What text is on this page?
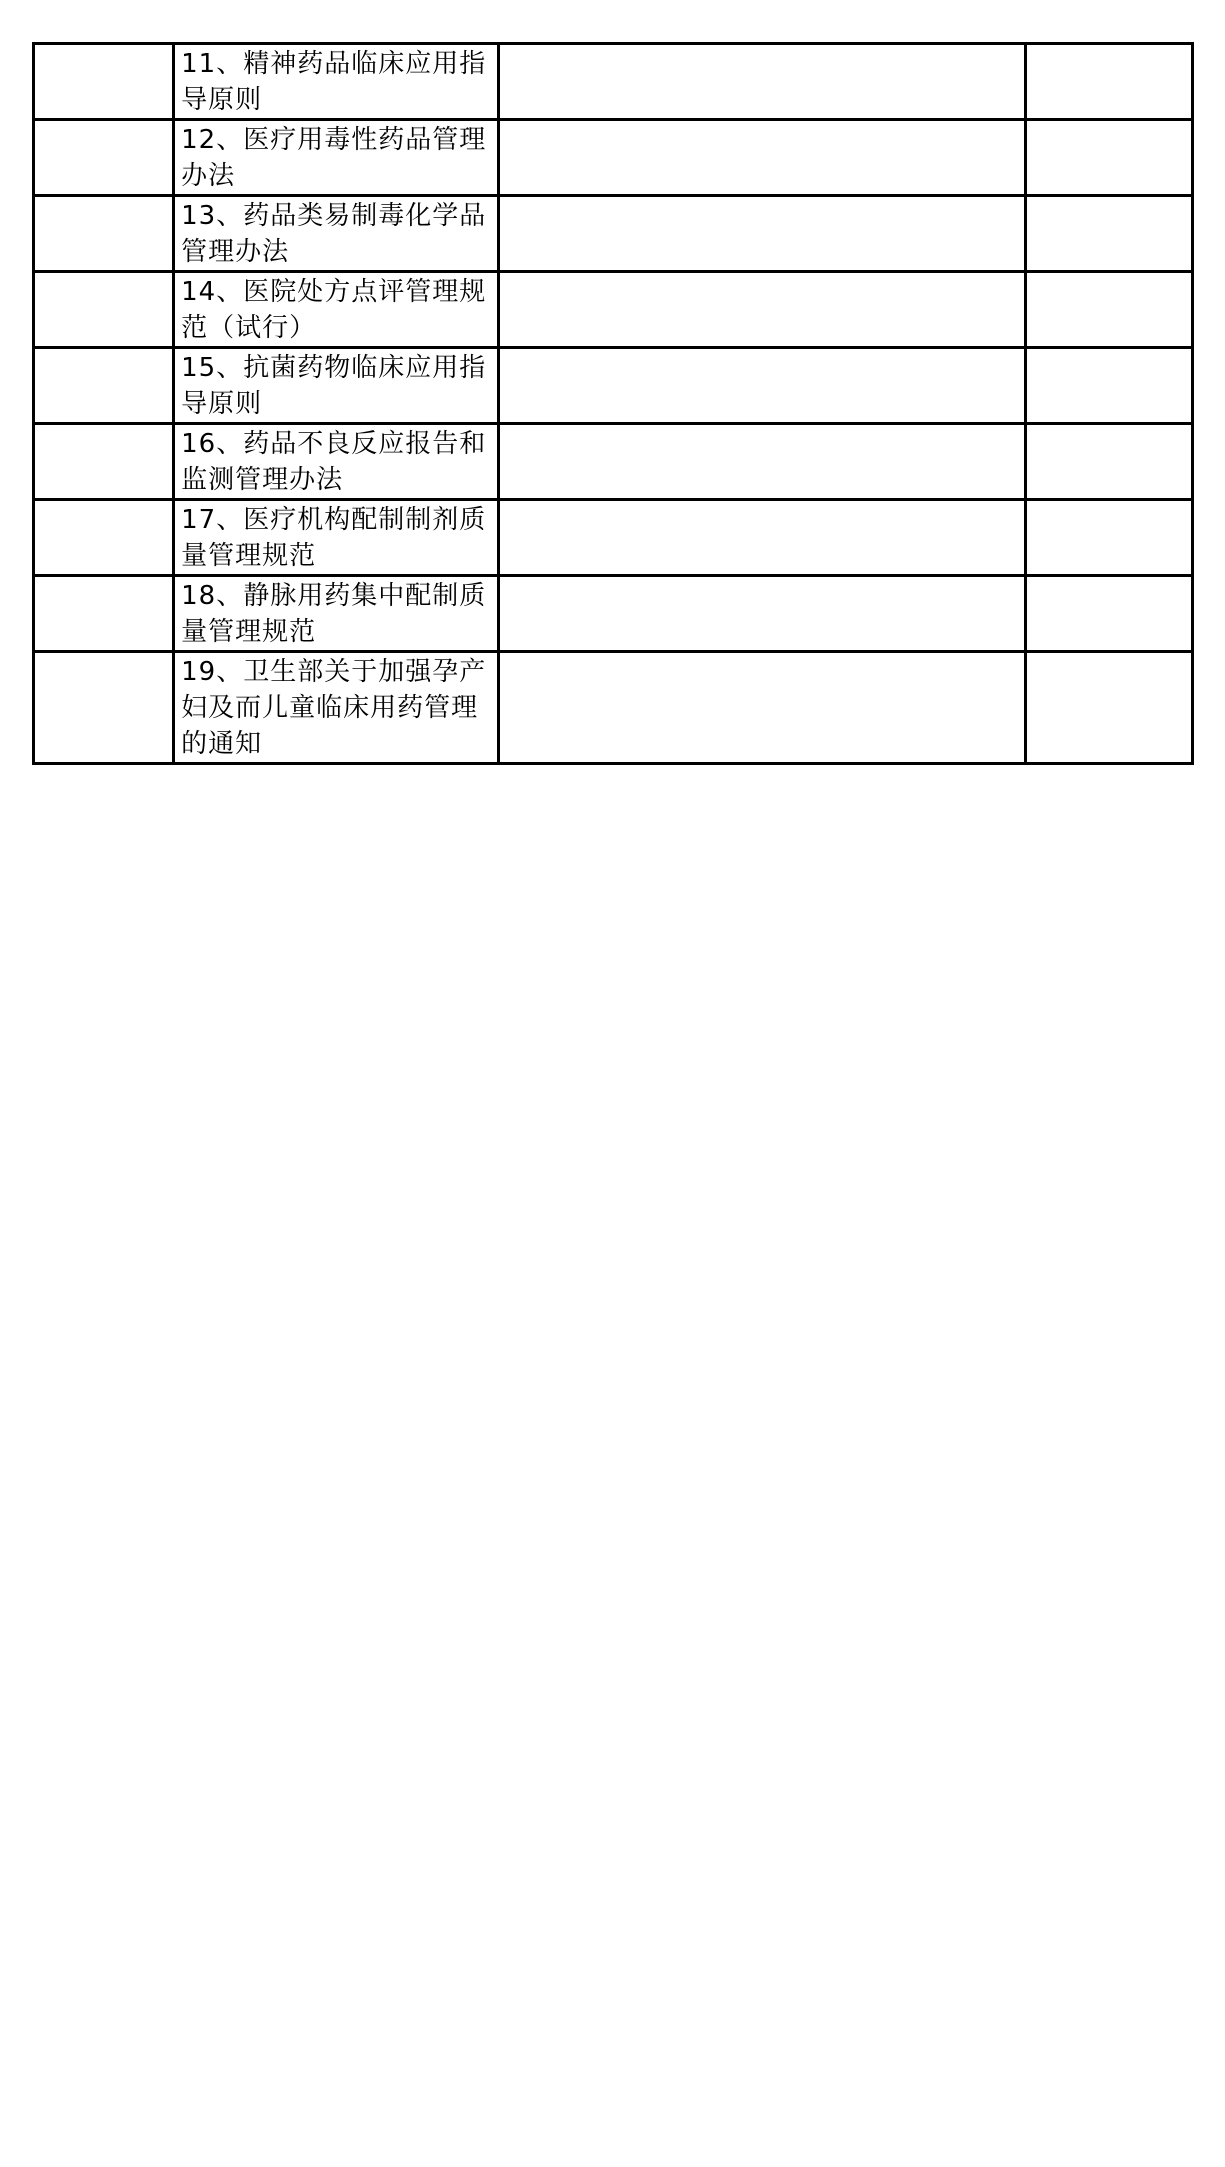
	11、精神药品临床应用指导原则		
	12、医疗用毒性药品管理办法		
	13、药品类易制毒化学品管理办法		
	14、医院处方点评管理规范（试行）		
	15、抗菌药物临床应用指导原则		
	16、药品不良反应报告和监测管理办法		
	17、医疗机构配制制剂质量管理规范		
	18、静脉用药集中配制质量管理规范		
	19、卫生部关于加强孕产妇及而儿童临床用药管理的通知		
